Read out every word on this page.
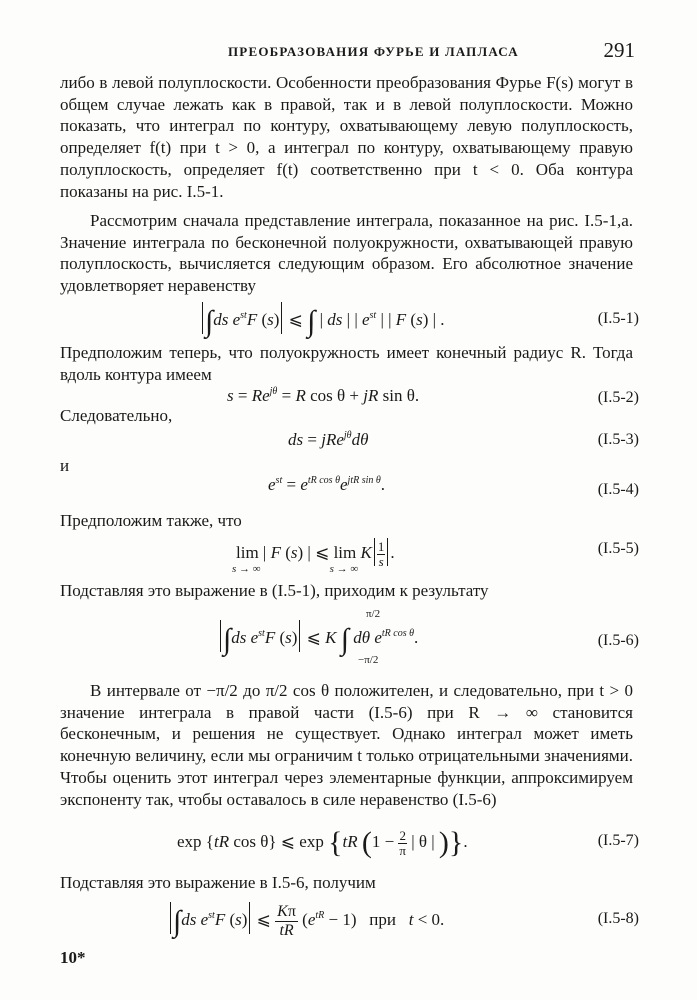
ПРЕОБРАЗОВАНИЯ ФУРЬЕ И ЛАПЛАСА	291

либо в левой полуплоскости. Особенности преобразования Фурье F(s) могут в общем случае лежать как в правой, так и в левой полуплоскости. Можно показать, что интеграл по контуру, охватывающему левую полуплоскость, определяет f(t) при t > 0, а интеграл по контуру, охватывающему правую полуплоскость, определяет f(t) соответственно при t < 0. Оба контура показаны на рис. I.5-1.

Рассмотрим сначала представление интеграла, показанное на рис. I.5-1,a. Значение интеграла по бесконечной полуокружности, охватывающей правую полуплоскость, вычисляется следующим образом. Его абсолютное значение удовлетворяет неравенству

∫ds $e^{st}F$ (s) ⩽ ∫ | ds | | $e^{st}$ | | F (s) | .	(I.5-1)

Предположим теперь, что полуокружность имеет конечный радиус R. Тогда вдоль контура имеем

$s = Re^{j\theta} = R$ cos θ + jR sin θ.	(I.5-2)
Следовательно,
ds = jRe$^{j\theta}$dθ	(I.5-3)
и
$e^{st} = e^{tR cos \theta}e^{jtR sin \theta}$.	(I.5-4)

Предположим также, что

lim
s → ∞
| F (s) | ⩽ lim
s → ∞
K $\frac{1}{s}$ .	(I.5-5)

Подставляя это выражение в (I.5-1), приходим к результату

∫ds $e^{st}F$ (s) ⩽ K ∫ dθ $e^{tR cos \theta}$.
π/2
−π/2
(I.5-6)

В интервале от −π/2 до π/2 cos θ положителен, и следовательно, при t > 0 значение интеграла в правой части (I.5-6) при R → ∞ становится бесконечным, и решения не существует. Однако интеграл может иметь конечную величину, если мы ограничим t только отрицательными значениями. Чтобы оценить этот интеграл через элементарные функции, аппроксимируем экспоненту так, чтобы оставалось в силе неравенство (I.5-6)

exp {tR cos θ} ⩽ exp {tR ($1 - \frac{2}{\pi}$ | θ | )}.	(I.5-7)

Подставляя это выражение в I.5-6, получим

∫ds $e^{st}F$ (s) ⩽ $\frac{K\pi}{tR} (e^{tR} - 1)$   при t < 0.	(I.5-8)
10*
